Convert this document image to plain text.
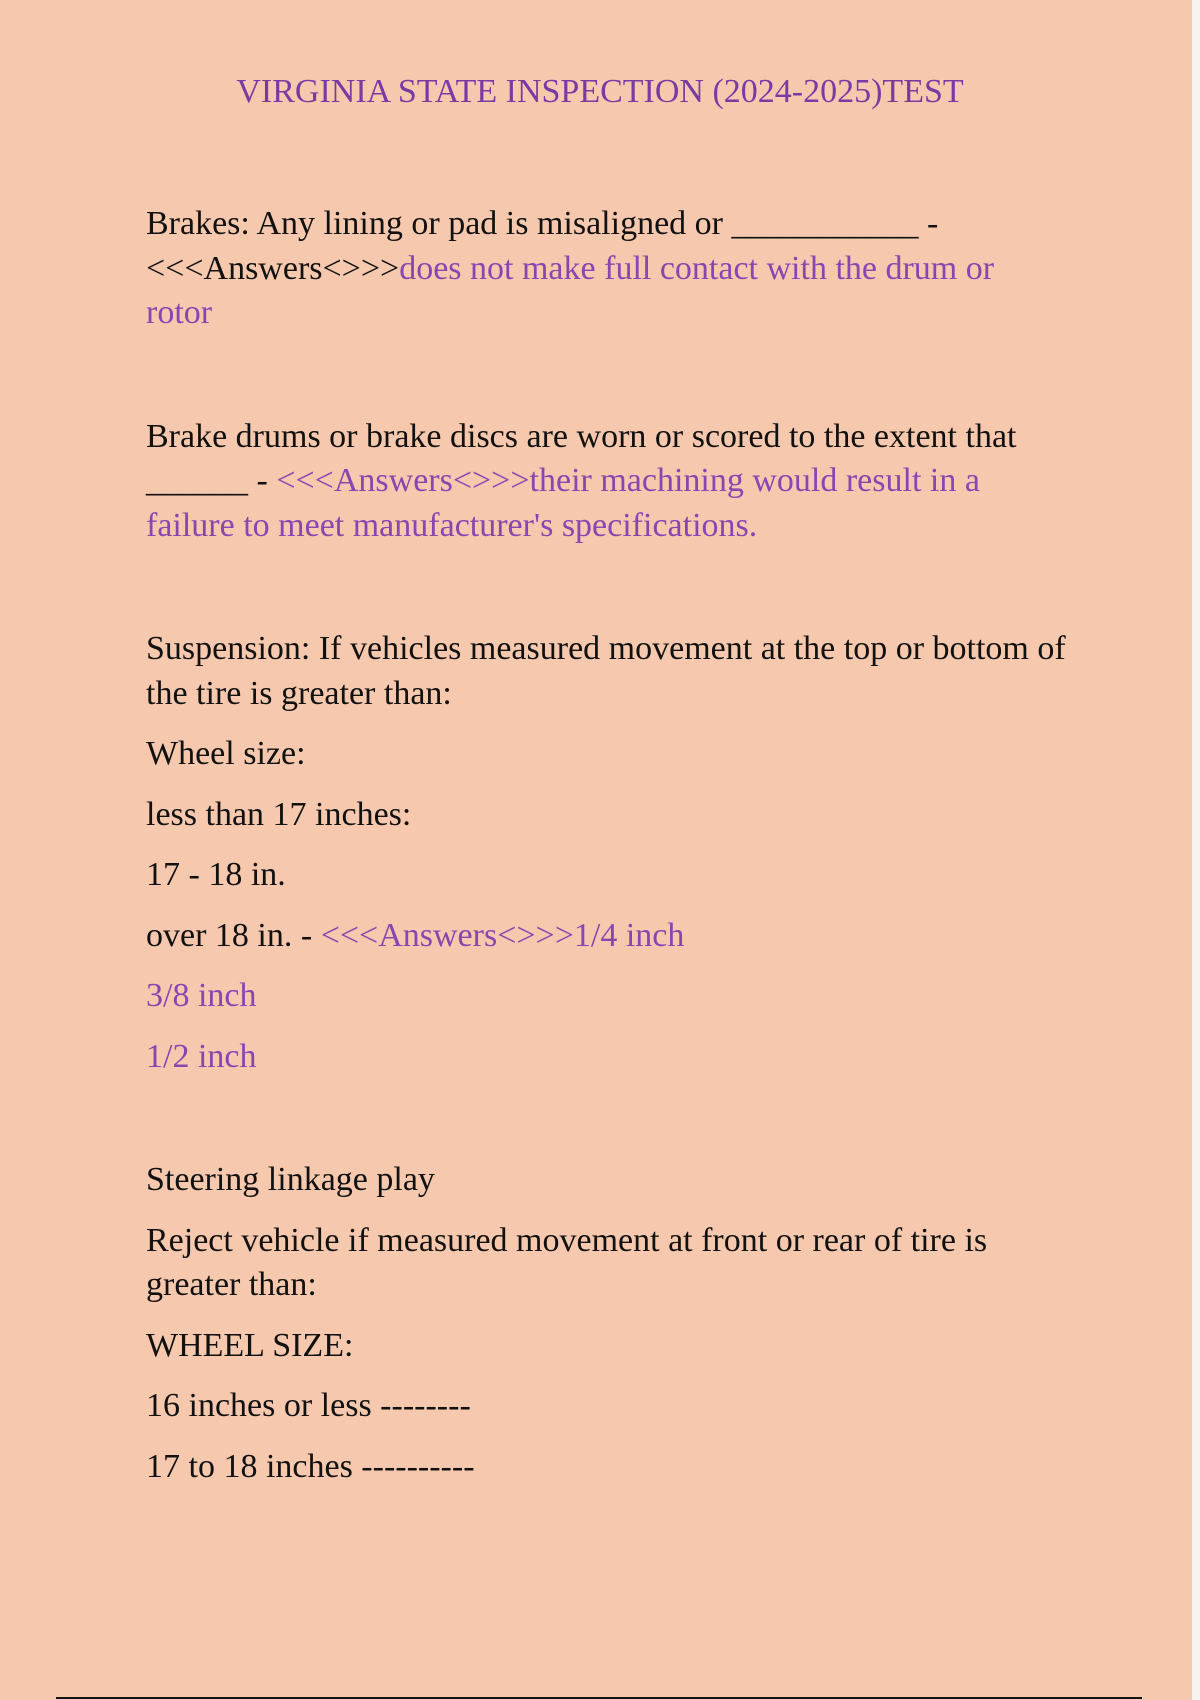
VIRGINIA STATE INSPECTION (2024-2025)TEST

Brakes: Any lining or pad is misaligned or ___________ -
<<<Answers<>>>does not make full contact with the drum or rotor

Brake drums or brake discs are worn or scored to the extent that ______ - <<<Answers<>>>their machining would result in a failure to meet manufacturer's specifications.

Suspension: If vehicles measured movement at the top or bottom of the tire is greater than:

Wheel size:

less than 17 inches:

17 - 18 in.

over 18 in. - <<<Answers<>>>1/4 inch

3/8 inch

1/2 inch

Steering linkage play

Reject vehicle if measured movement at front or rear of tire is greater than:

WHEEL SIZE:

16 inches or less --------

17 to 18 inches ----------
